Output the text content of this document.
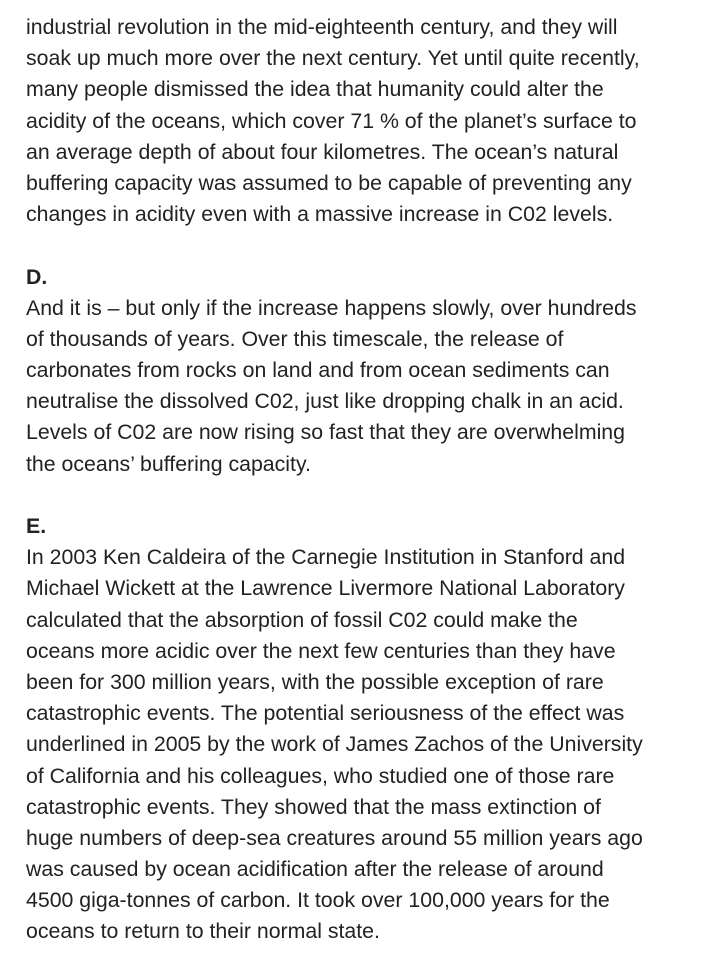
industrial revolution in the mid-eighteenth century, and they will
soak up much more over the next century. Yet until quite recently,
many people dismissed the idea that humanity could alter the
acidity of the oceans, which cover 71 % of the planet’s surface to
an average depth of about four kilometres. The ocean’s natural
buffering capacity was assumed to be capable of preventing any
changes in acidity even with a massive increase in C02 levels.
D.
And it is – but only if the increase happens slowly, over hundreds
of thousands of years. Over this timescale, the release of
carbonates from rocks on land and from ocean sediments can
neutralise the dissolved C02, just like dropping chalk in an acid.
Levels of C02 are now rising so fast that they are overwhelming
the oceans’ buffering capacity.
E.
In 2003 Ken Caldeira of the Carnegie Institution in Stanford and
Michael Wickett at the Lawrence Livermore National Laboratory
calculated that the absorption of fossil C02 could make the
oceans more acidic over the next few centuries than they have
been for 300 million years, with the possible exception of rare
catastrophic events. The potential seriousness of the effect was
underlined in 2005 by the work of James Zachos of the University
of California and his colleagues, who studied one of those rare
catastrophic events. They showed that the mass extinction of
huge numbers of deep-sea creatures around 55 million years ago
was caused by ocean acidification after the release of around
4500 giga-tonnes of carbon. It took over 100,000 years for the
oceans to return to their normal state.
